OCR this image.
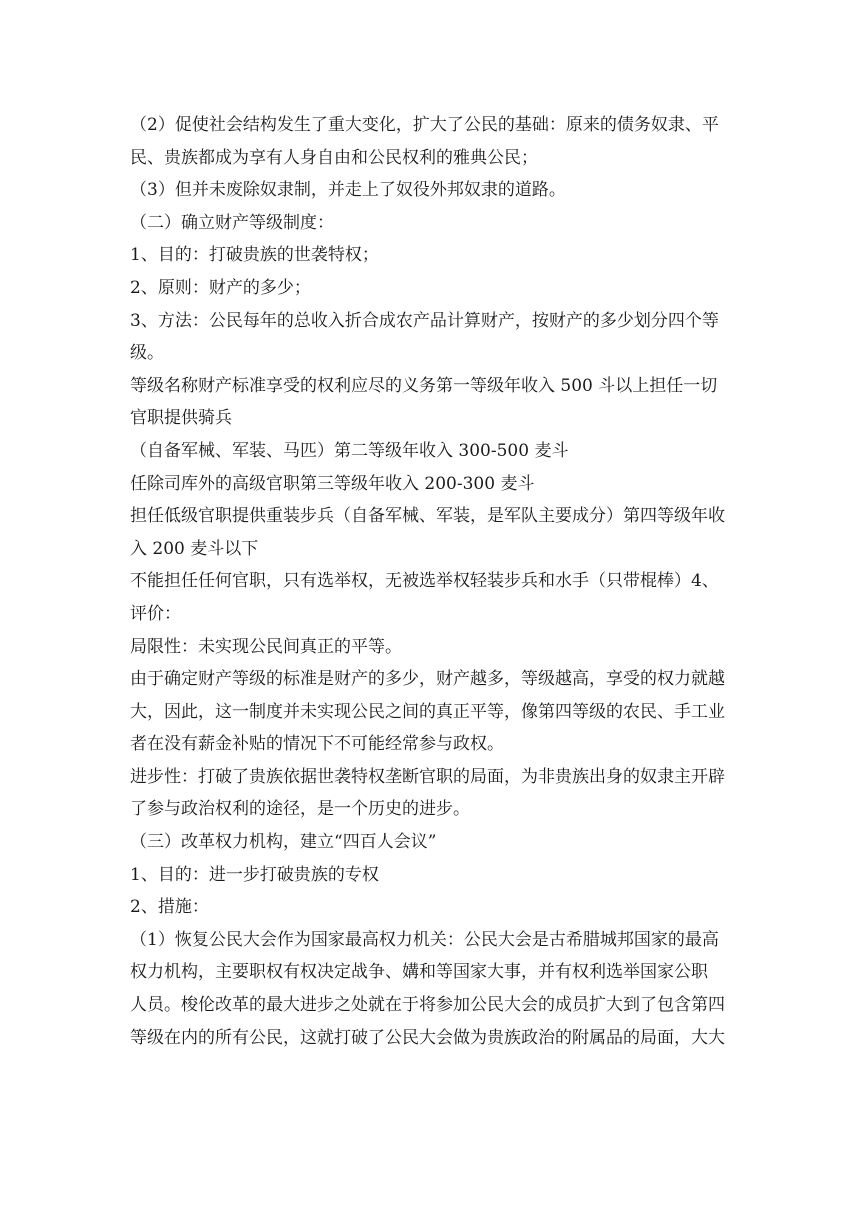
（2）促使社会结构发生了重大变化，扩大了公民的基础：原来的债务奴隶、平
民、贵族都成为享有人身自由和公民权利的雅典公民；
（3）但并未废除奴隶制，并走上了奴役外邦奴隶的道路。
（二）确立财产等级制度：
1、目的：打破贵族的世袭特权；
2、原则：财产的多少；
3、方法：公民每年的总收入折合成农产品计算财产，按财产的多少划分四个等
级。
等级名称财产标准享受的权利应尽的义务第一等级年收入 500 斗以上担任一切
官职提供骑兵
（自备军械、军装、马匹）第二等级年收入 300-500 麦斗
任除司库外的高级官职第三等级年收入 200-300 麦斗
担任低级官职提供重装步兵（自备军械、军装，是军队主要成分）第四等级年收
入 200 麦斗以下
不能担任任何官职，只有选举权，无被选举权轻装步兵和水手（只带棍棒）4、
评价：
局限性：未实现公民间真正的平等。
由于确定财产等级的标准是财产的多少，财产越多，等级越高，享受的权力就越
大，因此，这一制度并未实现公民之间的真正平等，像第四等级的农民、手工业
者在没有薪金补贴的情况下不可能经常参与政权。
进步性：打破了贵族依据世袭特权垄断官职的局面，为非贵族出身的奴隶主开辟
了参与政治权利的途径，是一个历史的进步。
（三）改革权力机构，建立“四百人会议”
1、目的：进一步打破贵族的专权
2、措施：
（1）恢复公民大会作为国家最高权力机关：公民大会是古希腊城邦国家的最高
权力机构，主要职权有权决定战争、媾和等国家大事，并有权利选举国家公职
人员。梭伦改革的最大进步之处就在于将参加公民大会的成员扩大到了包含第四
等级在内的所有公民，这就打破了公民大会做为贵族政治的附属品的局面，大大
